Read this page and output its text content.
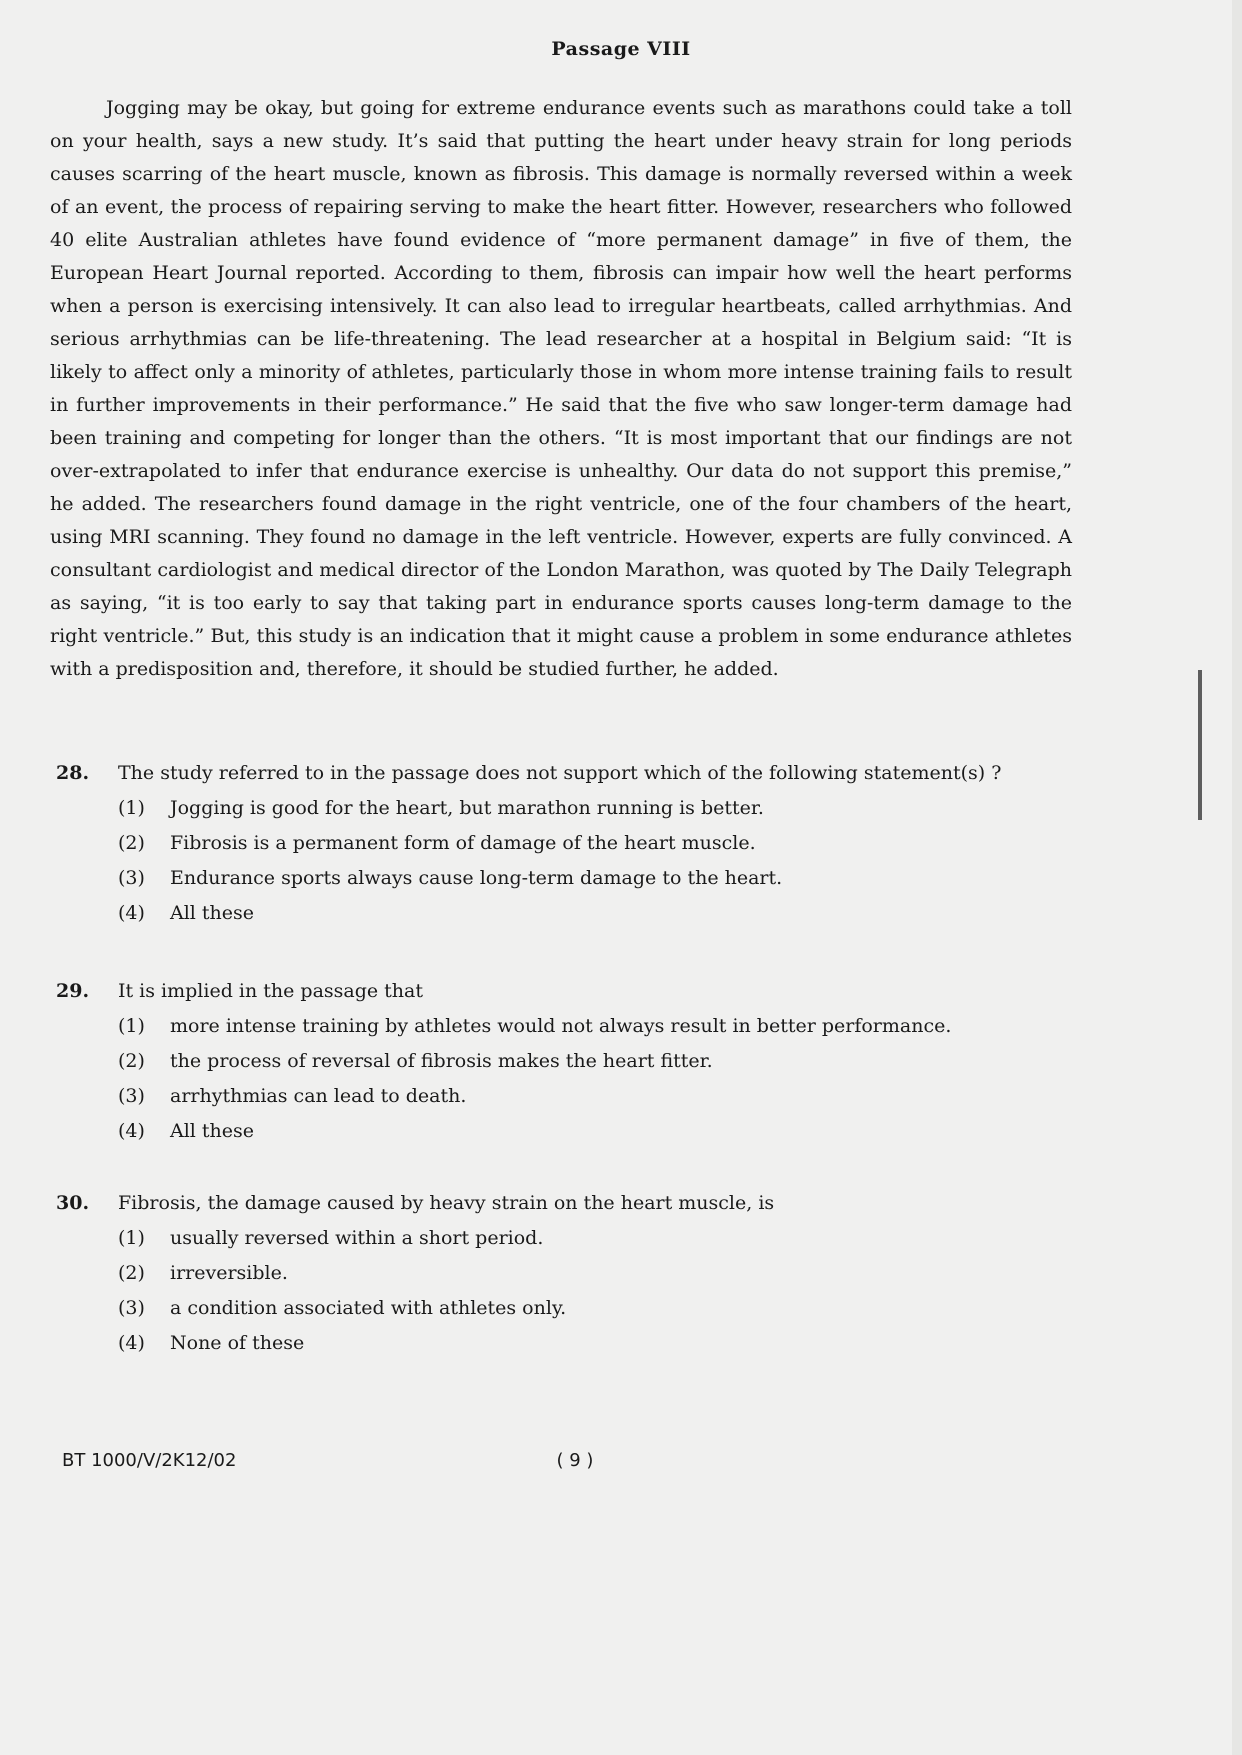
Passage VIII

Jogging may be okay, but going for extreme endurance events such as marathons could take a toll on your health, says a new study. It’s said that putting the heart under heavy strain for long periods causes scarring of the heart muscle, known as fibrosis. This damage is normally reversed within a week of an event, the process of repairing serving to make the heart fitter. However, researchers who followed 40 elite Australian athletes have found evidence of “more permanent damage” in five of them, the European Heart Journal reported. According to them, fibrosis can impair how well the heart performs when a person is exercising intensively. It can also lead to irregular heartbeats, called arrhythmias. And serious arrhythmias can be life-threatening. The lead researcher at a hospital in Belgium said: “It is likely to affect only a minority of athletes, particularly those in whom more intense training fails to result in further improvements in their performance.” He said that the five who saw longer-term damage had been training and competing for longer than the others. “It is most important that our findings are not over-extrapolated to infer that endurance exercise is unhealthy. Our data do not support this premise,” he added. The researchers found damage in the right ventricle, one of the four chambers of the heart, using MRI scanning. They found no damage in the left ventricle. However, experts are fully convinced. A consultant cardiologist and medical director of the London Marathon, was quoted by The Daily Telegraph as saying, “it is too early to say that taking part in endurance sports causes long-term damage to the right ventricle.” But, this study is an indication that it might cause a problem in some endurance athletes with a predisposition and, therefore, it should be studied further, he added.

28.	The study referred to in the passage does not support which of the following statement(s) ?
(1)	Jogging is good for the heart, but marathon running is better.
(2)	Fibrosis is a permanent form of damage of the heart muscle.
(3)	Endurance sports always cause long-term damage to the heart.
(4)	All these
29.	It is implied in the passage that
(1)	more intense training by athletes would not always result in better performance.
(2)	the process of reversal of fibrosis makes the heart fitter.
(3)	arrhythmias can lead to death.
(4)	All these
30.	Fibrosis, the damage caused by heavy strain on the heart muscle, is
(1)	usually reversed within a short period.
(2)	irreversible.
(3)	a condition associated with athletes only.
(4)	None of these
BT 1000/V/2K12/02	( 9 )
